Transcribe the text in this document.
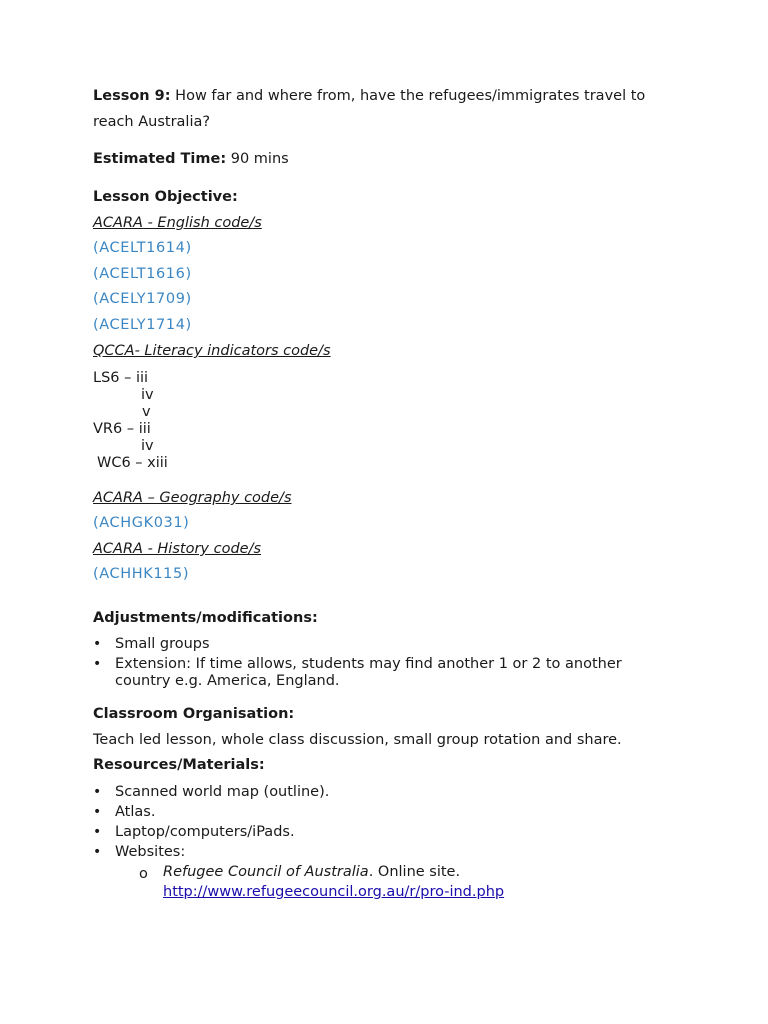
Lesson 9: How far and where from, have the refugees/immigrates travel to
reach Australia?
Estimated Time: 90 mins
Lesson Objective:
ACARA - English code/s
(ACELT1614)
(ACELT1616)
(ACELY1709)
(ACELY1714)
QCCA- Literacy indicators code/s
LS6 – iii
iv
v
VR6 – iii
iv
WC6 – xiii
ACARA – Geography code/s
(ACHGK031)
ACARA - History code/s
(ACHHK115)
Adjustments/modifications:
• Small groups
• Extension: If time allows, students may find another 1 or 2 to another
country e.g. America, England.
Classroom Organisation:
Teach led lesson, whole class discussion, small group rotation and share.
Resources/Materials:
• Scanned world map (outline).
• Atlas.
• Laptop/computers/iPads.
• Websites:
o Refugee Council of Australia. Online site.
http://www.refugeecouncil.org.au/r/pro-ind.php
